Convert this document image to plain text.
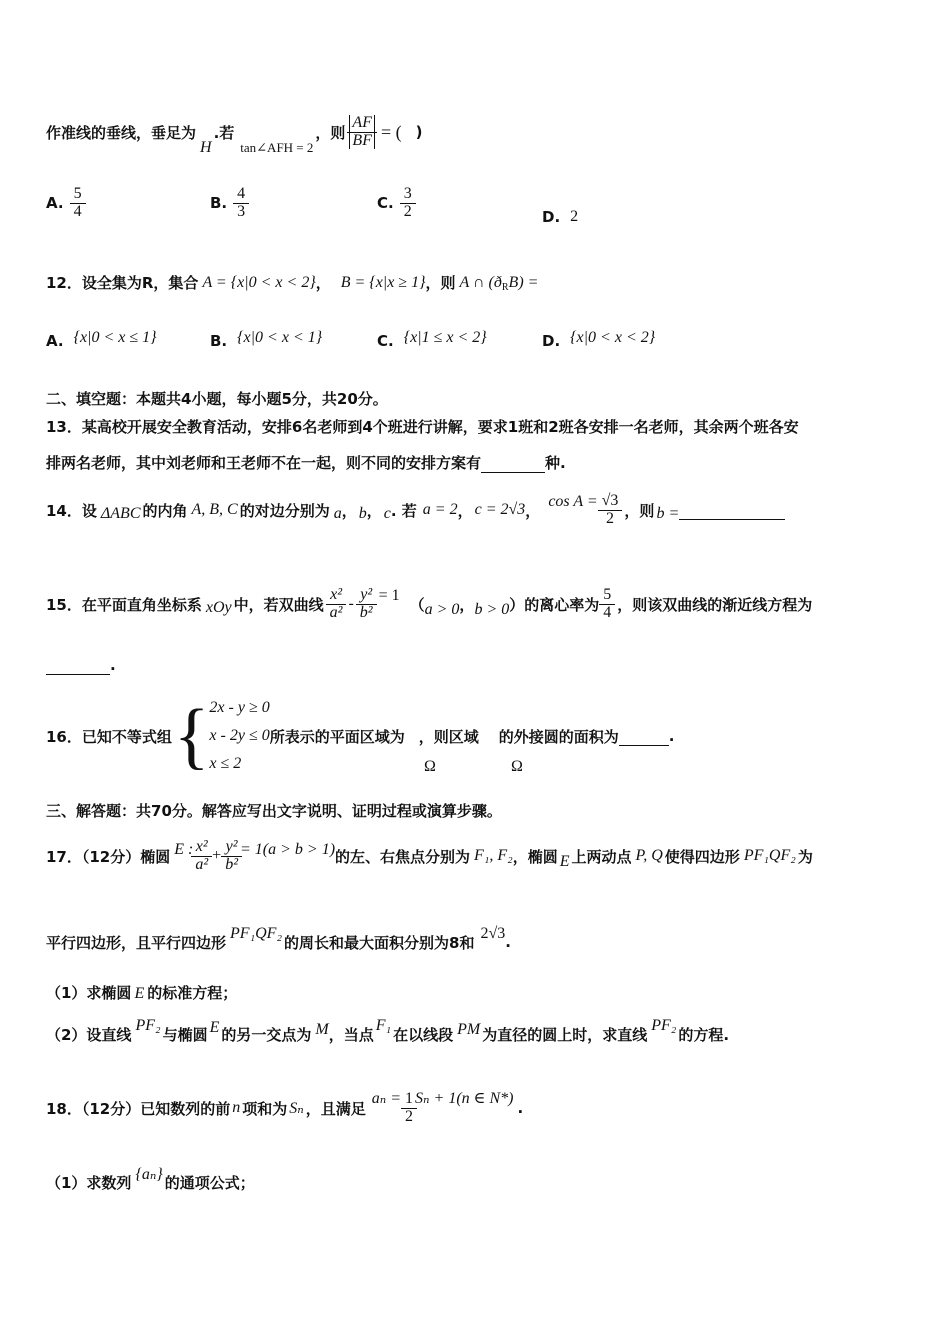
作准线的垂线，垂足为
H
.若
tan∠AFH = 2
，则 $\frac{AF}{BF}$ = ( )
A. $\frac{5}{4}$	B. $\frac{4}{3}$	C. $\frac{3}{2}$	D. 2
12．设全集为R，集合 A = {x|0 < x < 2} ， B = {x|x ≥ 1} ，则 A ∩ (ð R B) =
A. {x|0 < x ≤ 1}	B. {x|0 < x < 1}	C. {x|1 ≤ x < 2}	D. {x|0 < x < 2}
二、填空题：本题共4小题，每小题5分，共20分。
13．某高校开展安全教育活动，安排6名老师到4个班进行讲解，要求1班和2班各安排一名老师，其余两个班各安
排两名老师，其中刘老师和王老师不在一起，则不同的安排方案有	种.
14．设 ΔABC 的内角 A, B, C 的对边分别为 a ， b ， c . 若 a = 2 ， c = 2√3 ， $\cos A = \frac{√3}{2}$ ，则 b =

15．在平面直角坐标系 xOy 中，若双曲线 $\frac{\text{x²}}{\text{a²}} - \frac{\text{y²}}{\text{b²}} = 1$ （ a > 0 ， b > 0 ）的离心率为 $\frac{5}{4}$ ，则该双曲线的渐近线方程为
.
16．已知不等式组 { 2x - y ≥ 0
x - 2y ≤ 0
x ≤ 2
所表示的平面区域为 ，则区域 的外接圆的面积为
	.
Ω	Ω
三、解答题：共70分。解答应写出文字说明、证明过程或演算步骤。
17．（12分）椭圆 E : $\frac{\text{x²}}{\text{a²}} + \frac{\text{y²}}{\text{b²}} = 1(a > b > 1)$ 的左、右焦点分别为 F₁, F₂ ，椭圆 E 上两动点 P, Q 使得四边形 PF₁QF₂ 为
平行四边形，且平行四边形 PF₁QF₂ 的周长和最大面积分别为8和 2√3 .
（1）求椭圆 E 的标准方程；
（2）设直线 PF₂ 与椭圆 E 的另一交点为 M ，当点 F₁ 在以线段 PM 为直径的圆上时，求直线 PF₂ 的方程.
18．（12分）已知数列的前 n 项和为 Sₙ ，且满足
$a_n = \frac{1}{2}$ Sₙ + 1(n ∈ N*)
.
（1）求数列 {aₙ} 的通项公式；
